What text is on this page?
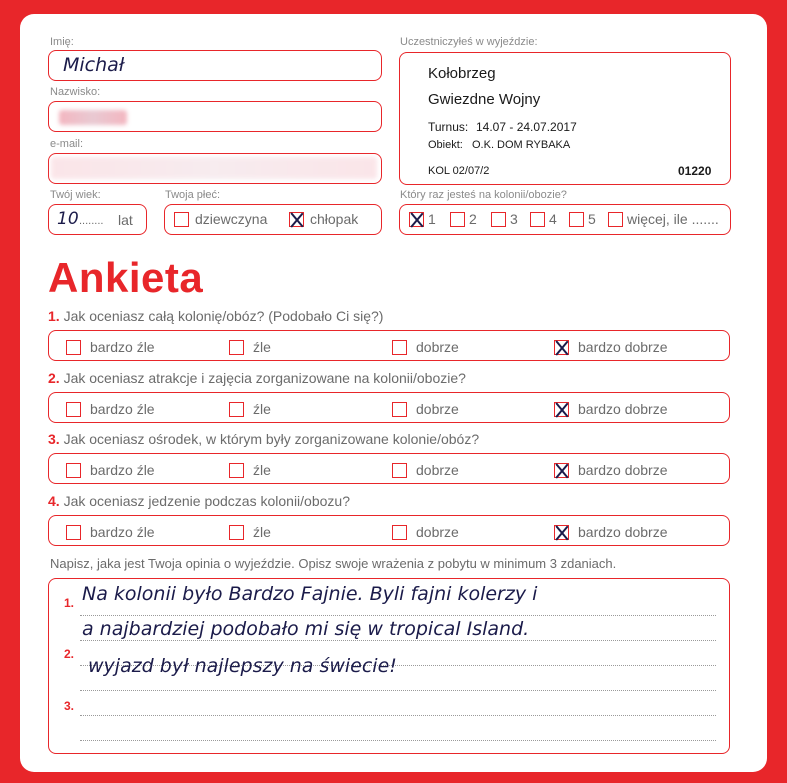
Imię:
Michał
Nazwisko:
e-mail:
Twój wiek:
10 ........ lat
Twoja płeć:
dziewczyna	chłopak
Uczestniczyłeś w wyjeździe:
Kołobrzeg
Gwiezdne Wojny
Turnus: 14.07 - 24.07.2017
Obiekt: O.K. DOM RYBAKA
KOL 02/07/2	01220
Który raz jesteś na kolonii/obozie?
1 2 3 4 5 więcej, ile .......
Ankieta
1. Jak oceniasz całą kolonię/obóz? (Podobało Ci się?)
2. Jak oceniasz atrakcje i zajęcia zorganizowane na kolonii/obozie?
3. Jak oceniasz ośrodek, w którym były zorganizowane kolonie/obóz?
4. Jak oceniasz jedzenie podczas kolonii/obozu?
Napisz, jaka jest Twoja opinia o wyjeździe. Opisz swoje wrażenia z pobytu w minimum 3 zdaniach.
1.
2.
3.
Na kolonii było Bardzo Fajnie. Byli fajni kolerzy i
a najbardziej podobało mi się w tropical Island.
wyjazd był najlepszy na świecie!
bardzo źle	źle	dobrze	bardzo dobrze
bardzo źle	źle	dobrze	bardzo dobrze
bardzo źle	źle	dobrze	bardzo dobrze
bardzo źle	źle	dobrze	bardzo dobrze
